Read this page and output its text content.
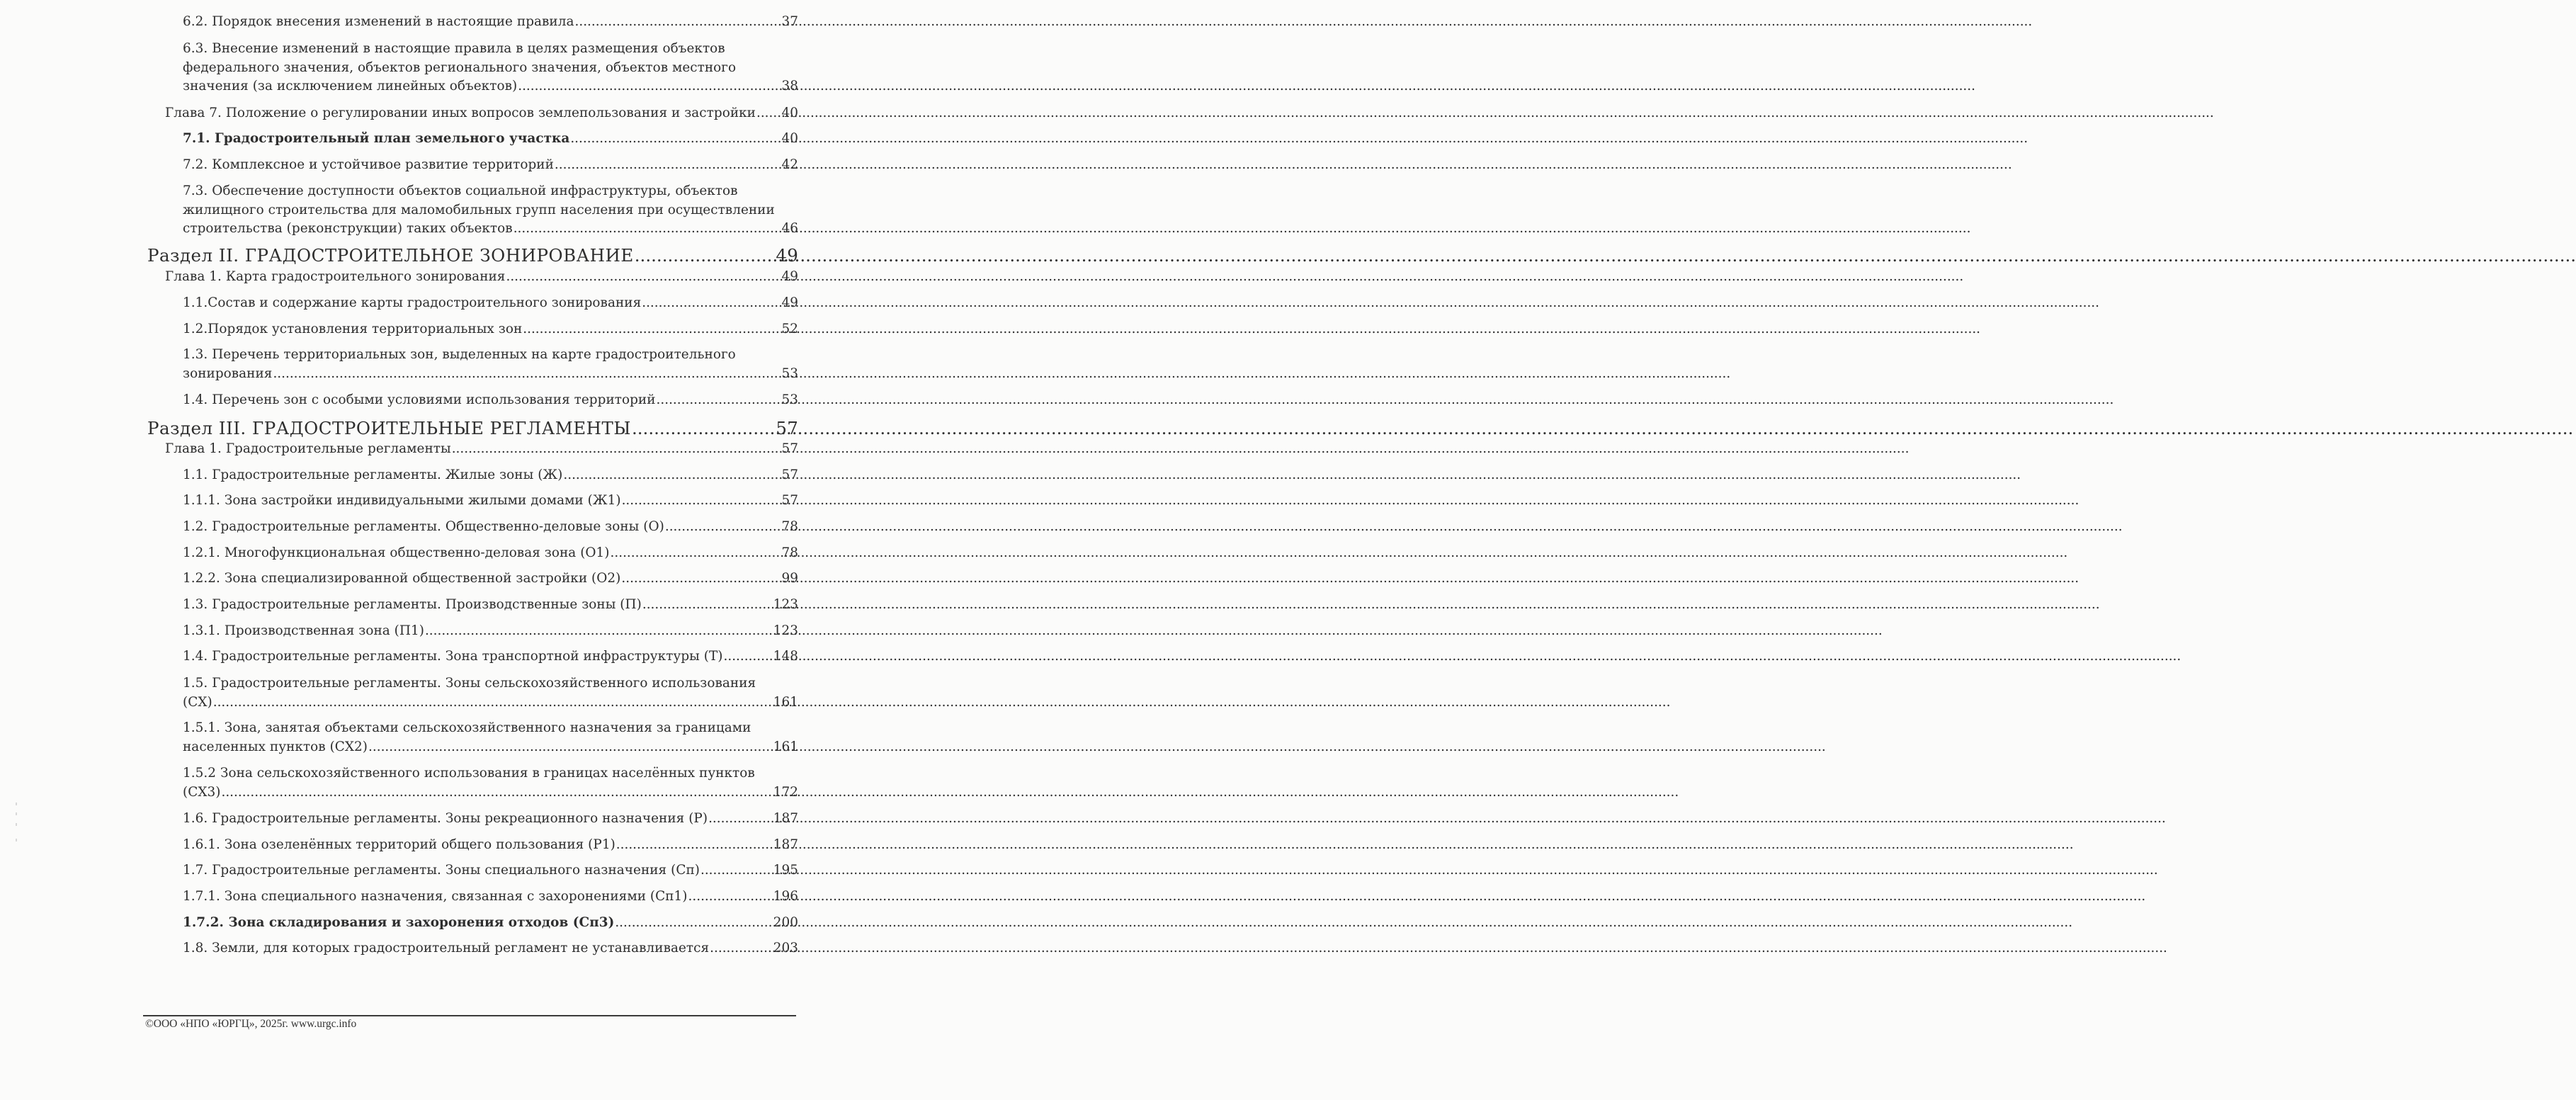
6.2. Порядок внесения изменений в настоящие правила .....	37
6.3. Внесение изменений в настоящие правила в целях размещения объектов
федерального значения, объектов регионального значения, объектов местного
значения (за исключением линейных объектов) .....	38
Глава 7. Положение о регулировании иных вопросов землепользования и застройки ..... 40
7.1. Градостроительный план земельного участка .....	40
7.2. Комплексное и устойчивое развитие территорий .....	42
7.3. Обеспечение доступности объектов социальной инфраструктуры, объектов
жилищного строительства для маломобильных групп населения при осуществлении
строительства (реконструкции) таких объектов .....	46
Раздел II. ГРАДОСТРОИТЕЛЬНОЕ ЗОНИРОВАНИЕ .....	49
Глава 1. Карта градостроительного зонирования .....	49
1.1. Состав и содержание карты градостроительного зонирования .....	49
1.2. Порядок установления территориальных зон .....	52
1.3. Перечень территориальных зон, выделенных на карте градостроительного
зонирования .....	53
1.4. Перечень зон с особыми условиями использования территорий .....	53
Раздел III. ГРАДОСТРОИТЕЛЬНЫЕ РЕГЛАМЕНТЫ .....	57
Глава 1. Градостроительные регламенты .....	57
1.1. Градостроительные регламенты. Жилые зоны (Ж) .....	57
1.1.1. Зона застройки индивидуальными жилыми домами (Ж1) .....	57
1.2. Градостроительные регламенты. Общественно-деловые зоны (О) .....	78
1.2.1. Многофункциональная общественно-деловая зона (О1) .....	78
1.2.2. Зона специализированной общественной застройки (О2) .....	99
1.3. Градостроительные регламенты. Производственные зоны (П) .....	123
1.3.1. Производственная зона (П1) .....	123
1.4. Градостроительные регламенты. Зона транспортной инфраструктуры (Т) .....	148
1.5. Градостроительные регламенты. Зоны сельскохозяйственного использования
(СХ) .....	161
1.5.1. Зона, занятая объектами сельскохозяйственного назначения за границами
населенных пунктов (СХ2) .....	161
1.5.2 Зона сельскохозяйственного использования в границах населённых пунктов
(СХ3) .....	172
1.6. Градостроительные регламенты. Зоны рекреационного назначения (Р) .....	187
1.6.1. Зона озеленённых территорий общего пользования (Р1) .....	187
1.7. Градостроительные регламенты. Зоны специального назначения (Сп) .....	195
1.7.1. Зона специального назначения, связанная с захоронениями (Сп1) .....	196
1.7.2. Зона складирования и захоронения отходов (Сп3) .....	200
1.8. Земли, для которых градостроительный регламент не устанавливается .....	203
©ООО «НПО «ЮРГЦ», 2025г. www.urgc.info
